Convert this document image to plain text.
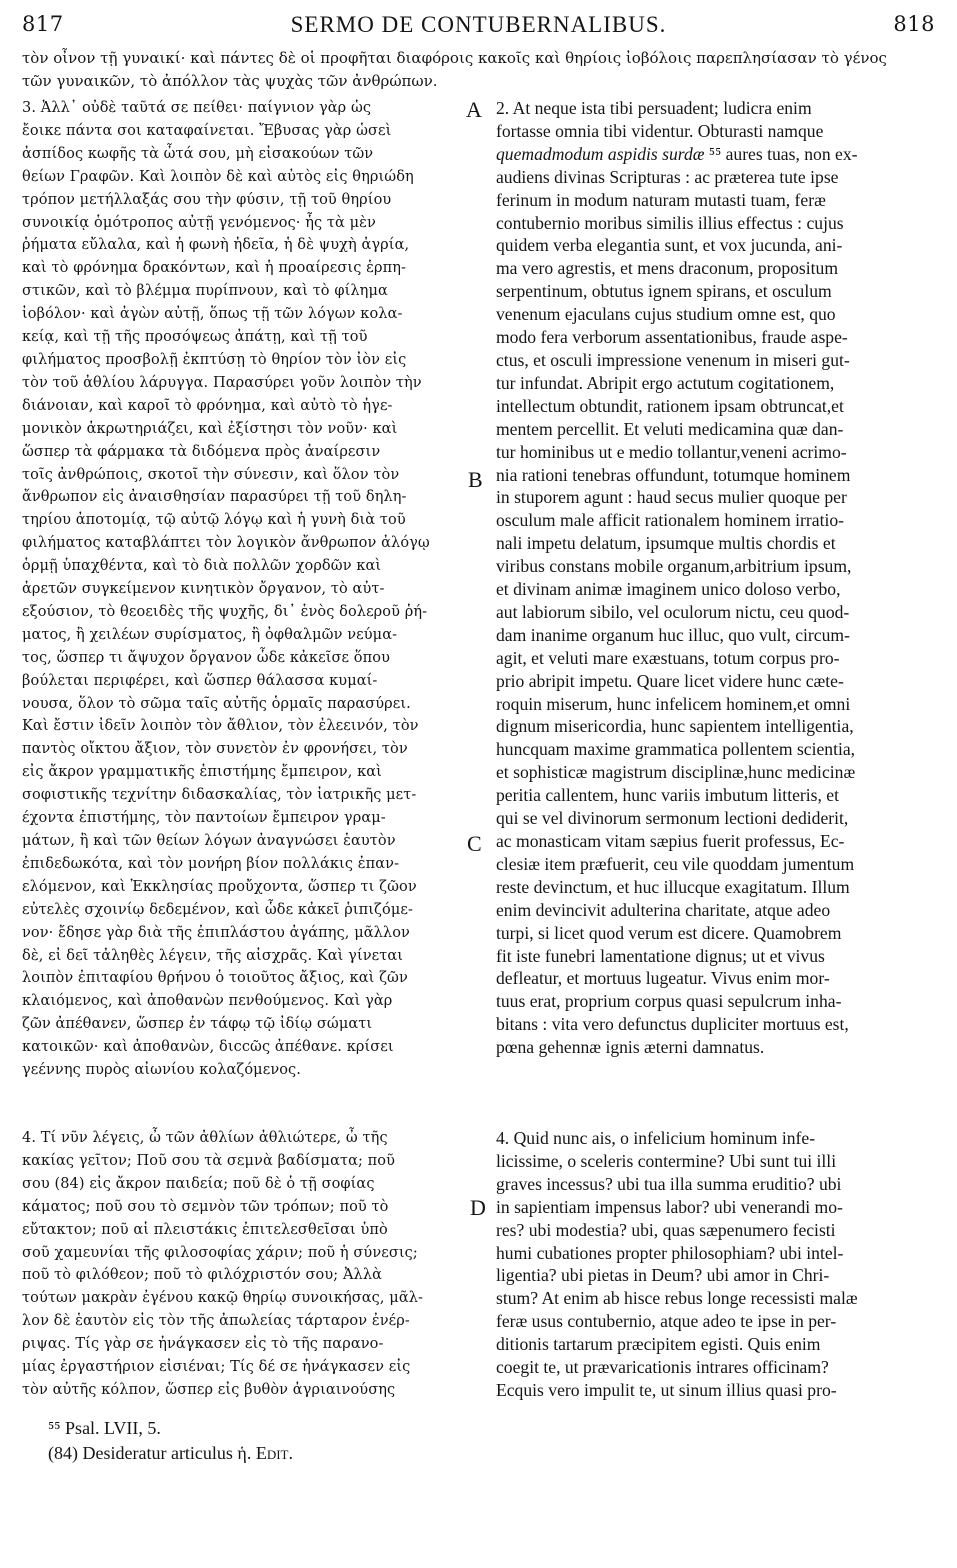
817	SERMO DE CONTUBERNALIBUS.	818
τὸν οἶνον τῇ γυναικί· καὶ πάντες δὲ οἱ προφῆται διαφόροις κακοῖς καὶ θηρίοις ἰοβόλοις παρεπλησίασαν τὸ γένος
τῶν γυναικῶν, τὸ ἀπόλλον τὰς ψυχὰς τῶν ἀνθρώπων.
3. Ἀλλ᾽ οὐδὲ ταῦτά σε πείθει· παίγνιον γὰρ ὡς
ἔοικε πάντα σοι καταφαίνεται. Ἔβυσας γὰρ ὡσεὶ
ἀσπίδος κωφῆς τὰ ὦτά σου, μὴ εἰσακούων τῶν
θείων Γραφῶν. Καὶ λοιπὸν δὲ καὶ αὐτὸς εἰς θηριώδη
τρόπον μετήλλαξάς σου τὴν φύσιν, τῇ τοῦ θηρίου
συνοικίᾳ ὁμότροπος αὐτῇ γενόμενος· ἧς τὰ μὲν
ῥήματα εὔλαλα, καὶ ἡ φωνὴ ἡδεῖα, ἡ δὲ ψυχὴ ἀγρία,
καὶ τὸ φρόνημα δρακόντων, καὶ ἡ προαίρεσις ἑρπη-
στικῶν, καὶ τὸ βλέμμα πυρίπνουν, καὶ τὸ φίλημα
ἰοβόλον· καὶ ἀγὼν αὐτῇ, ὅπως τῇ τῶν λόγων κολα-
κείᾳ, καὶ τῇ τῆς προσόψεως ἀπάτῃ, καὶ τῇ τοῦ
φιλήματος προσβολῇ ἐκπτύσῃ τὸ θηρίον τὸν ἰὸν εἰς
τὸν τοῦ ἀθλίου λάρυγγα. Παρασύρει γοῦν λοιπὸν τὴν
διάνοιαν, καὶ καροῖ τὸ φρόνημα, καὶ αὐτὸ τὸ ἡγε-
μονικὸν ἀκρωτηριάζει, καὶ ἐξίστησι τὸν νοῦν· καὶ
ὥσπερ τὰ φάρμακα τὰ διδόμενα πρὸς ἀναίρεσιν
τοῖς ἀνθρώποις, σκοτοῖ τὴν σύνεσιν, καὶ ὅλον τὸν
ἄνθρωπον εἰς ἀναισθησίαν παρασύρει τῇ τοῦ δηλη-
τηρίου ἀποτομίᾳ, τῷ αὐτῷ λόγῳ καὶ ἡ γυνὴ διὰ τοῦ
φιλήματος καταβλάπτει τὸν λογικὸν ἄνθρωπον ἀλόγῳ
ὁρμῇ ὑπαχθέντα, καὶ τὸ διὰ πολλῶν χορδῶν καὶ
ἀρετῶν συγκείμενον κινητικὸν ὄργανον, τὸ αὐτ-
εξούσιον, τὸ θεοειδὲς τῆς ψυχῆς, δι᾽ ἑνὸς δολεροῦ ῥή-
ματος, ἢ χειλέων συρίσματος, ἢ ὀφθαλμῶν νεύμα-
τος, ὥσπερ τι ἄψυχον ὄργανον ὧδε κἀκεῖσε ὅπου
βούλεται περιφέρει, καὶ ὥσπερ θάλασσα κυμαί-
νουσα, ὅλον τὸ σῶμα ταῖς αὐτῆς ὁρμαῖς παρασύρει.
Καὶ ἔστιν ἰδεῖν λοιπὸν τὸν ἄθλιον, τὸν ἐλεεινόν, τὸν
παντὸς οἴκτου ἄξιον, τὸν συνετὸν ἐν φρονήσει, τὸν
εἰς ἄκρον γραμματικῆς ἐπιστήμης ἔμπειρον, καὶ
σοφιστικῆς τεχνίτην διδασκαλίας, τὸν ἰατρικῆς μετ-
έχοντα ἐπιστήμης, τὸν παντοίων ἔμπειρον γραμ-
μάτων, ἢ καὶ τῶν θείων λόγων ἀναγνώσει ἑαυτὸν
ἐπιδεδωκότα, καὶ τὸν μονήρη βίον πολλάκις ἐπαν-
ελόμενον, καὶ Ἐκκλησίας προὔχοντα, ὥσπερ τι ζῶον
εὐτελὲς σχοινίῳ δεδεμένον, καὶ ὧδε κἀκεῖ ῥιπιζόμε-
νον· ἔδησε γὰρ διὰ τῆς ἐπιπλάστου ἀγάπης, μᾶλλον
δὲ, εἰ δεῖ τἀληθὲς λέγειν, τῆς αἰσχρᾶς. Καὶ γίνεται
λοιπὸν ἐπιταφίου θρήνου ὁ τοιοῦτος ἄξιος, καὶ ζῶν
κλαιόμενος, καὶ ἀποθανὼν πενθούμενος. Καὶ γὰρ
ζῶν ἀπέθανεν, ὥσπερ ἐν τάφῳ τῷ ἰδίῳ σώματι
κατοικῶν· καὶ ἀποθανὼν, διссῶς ἀπέθανε. κρίσει
γεέννης πυρὸς αἰωνίου κολαζόμενος.
2. At neque ista tibi persuadent; ludicra enim
fortasse omnia tibi videntur. Obturasti namque
quemadmodum aspidis surdæ ⁵⁵ aures tuas, non ex-
audiens divinas Scripturas : ac præterea tute ipse
ferinum in modum naturam mutasti tuam, feræ
contubernio moribus similis illius effectus : cujus
quidem verba elegantia sunt, et vox jucunda, ani-
ma vero agrestis, et mens draconum, propositum
serpentinum, obtutus ignem spirans, et osculum
venenum ejaculans cujus studium omne est, quo
modo fera verborum assentationibus, fraude aspe-
ctus, et osculi impressione venenum in miseri gut-
tur infundat. Abripit ergo actutum cogitationem,
intellectum obtundit, rationem ipsam obtruncat,et
mentem percellit. Et veluti medicamina quæ dan-
tur hominibus ut e medio tollantur,veneni acrimo-
nia rationi tenebras offundunt, totumque hominem
in stuporem agunt : haud secus mulier quoque per
osculum male afficit rationalem hominem irratio-
nali impetu delatum, ipsumque multis chordis et
viribus constans mobile organum,arbitrium ipsum,
et divinam animæ imaginem unico doloso verbo,
aut labiorum sibilo, vel oculorum nictu, ceu quod-
dam inanime organum huc illuc, quo vult, circum-
agit, et veluti mare exæstuans, totum corpus pro-
prio abripit impetu. Quare licet videre hunc cæte-
roquin miserum, hunc infelicem hominem,et omni
dignum misericordia, hunc sapientem intelligentia,
huncquam maxime grammatica pollentem scientia,
et sophisticæ magistrum disciplinæ,hunc medicinæ
peritia callentem, hunc variis imbutum litteris, et
qui se vel divinorum sermonum lectioni dediderit,
ac monasticam vitam sæpius fuerit professus, Ec-
clesiæ item præfuerit, ceu vile quoddam jumentum
reste devinctum, et huc illucque exagitatum. Illum
enim devincivit adulterina charitate, atque adeo
turpi, si licet quod verum est dicere. Quamobrem
fit iste funebri lamentatione dignus; ut et vivus
defleatur, et mortuus lugeatur. Vivus enim mor-
tuus erat, proprium corpus quasi sepulcrum inha-
bitans : vita vero defunctus dupliciter mortuus est,
pœna gehennæ ignis æterni damnatus.
A
B
C
D
4. Τί νῦν λέγεις, ὦ τῶν ἀθλίων ἀθλιώτερε, ὦ τῆς
κακίας γεῖτον; Ποῦ σου τὰ σεμνὰ βαδίσματα; ποῦ
σου (84) εἰς ἄκρον παιδεία; ποῦ δὲ ὁ τῇ σοφίας
κάματος; ποῦ σου τὸ σεμνὸν τῶν τρόπων; ποῦ τὸ
εὔτακτον; ποῦ αἱ πλειστάκις ἐπιτελεσθεῖσαι ὑπὸ
σοῦ χαμευνίαι τῆς φιλοσοφίας χάριν; ποῦ ἡ σύνεσις;
ποῦ τὸ φιλόθεον; ποῦ τὸ φιλόχριστόν σου; Ἀλλὰ
τούτων μακρὰν ἐγένου κακῷ θηρίῳ συνοικήσας, μᾶλ-
λον δὲ ἑαυτὸν εἰς τὸν τῆς ἀπωλείας τάρταρον ἐνέρ-
ριψας. Τίς γὰρ σε ἠνάγκασεν εἰς τὸ τῆς παρανο-
μίας ἐργαστήριον εἰσιέναι; Τίς δέ σε ἠνάγκασεν εἰς
τὸν αὐτῆς κόλπον, ὥσπερ εἰς βυθὸν ἀγριαινούσης
4. Quid nunc ais, o infelicium hominum infe-
licissime, o sceleris contermine? Ubi sunt tui illi
graves incessus? ubi tua illa summa eruditio? ubi
in sapientiam impensus labor? ubi venerandi mo-
res? ubi modestia? ubi, quas sæpenumero fecisti
humi cubationes propter philosophiam? ubi intel-
ligentia? ubi pietas in Deum? ubi amor in Chri-
stum? At enim ab hisce rebus longe recessisti malæ
feræ usus contubernio, atque adeo te ipse in per-
ditionis tartarum præcipitem egisti. Quis enim
coegit te, ut prævaricationis intrares officinam?
Ecquis vero impulit te, ut sinum illius quasi pro-
⁵⁵ Psal. LVII, 5.
(84) Desideratur articulus ἡ. Edit.
